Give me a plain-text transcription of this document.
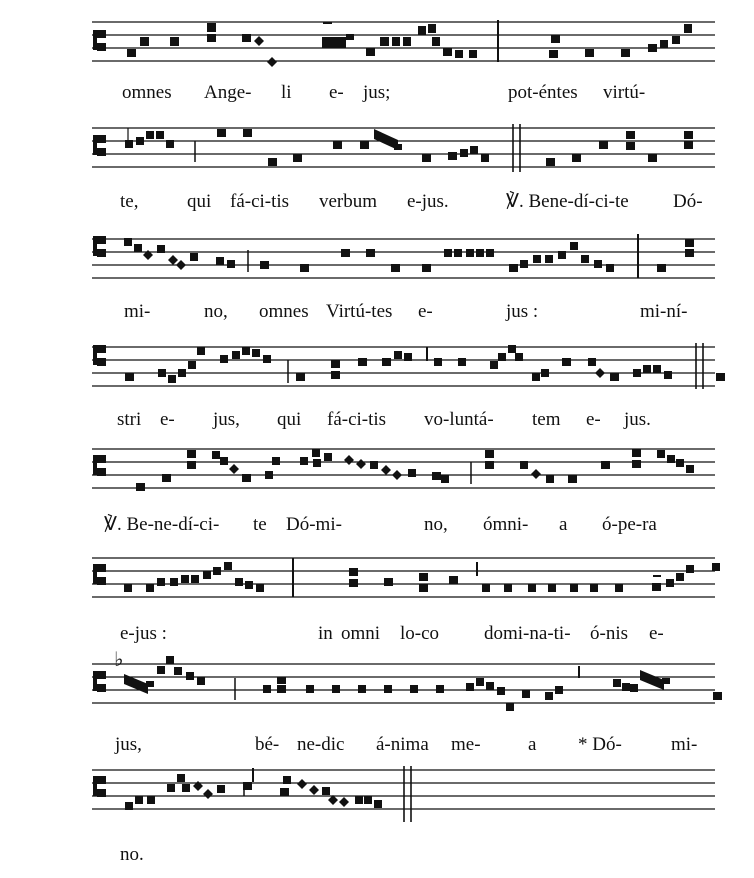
omnes Ange- li e- jus;	pot-éntes virtú-
te,	qui fá-ci-tis verbum e-jus.	℣. Bene-dí-ci-te Dó-
mi-	no, omnes Virtú-tes e-	jus :	mi-ní-
stri e- jus, qui fá-ci-tis vo-luntá- tem e- jus.
℣. Be-ne-dí-ci- te Dó-mi-	no, ómni- a ó-pe-ra
e-jus :	in omni lo-co domi-na-ti- ó-nis e-
♭
jus,	bé- ne-dic á-nima me- a * Dó-	mi-
no.
